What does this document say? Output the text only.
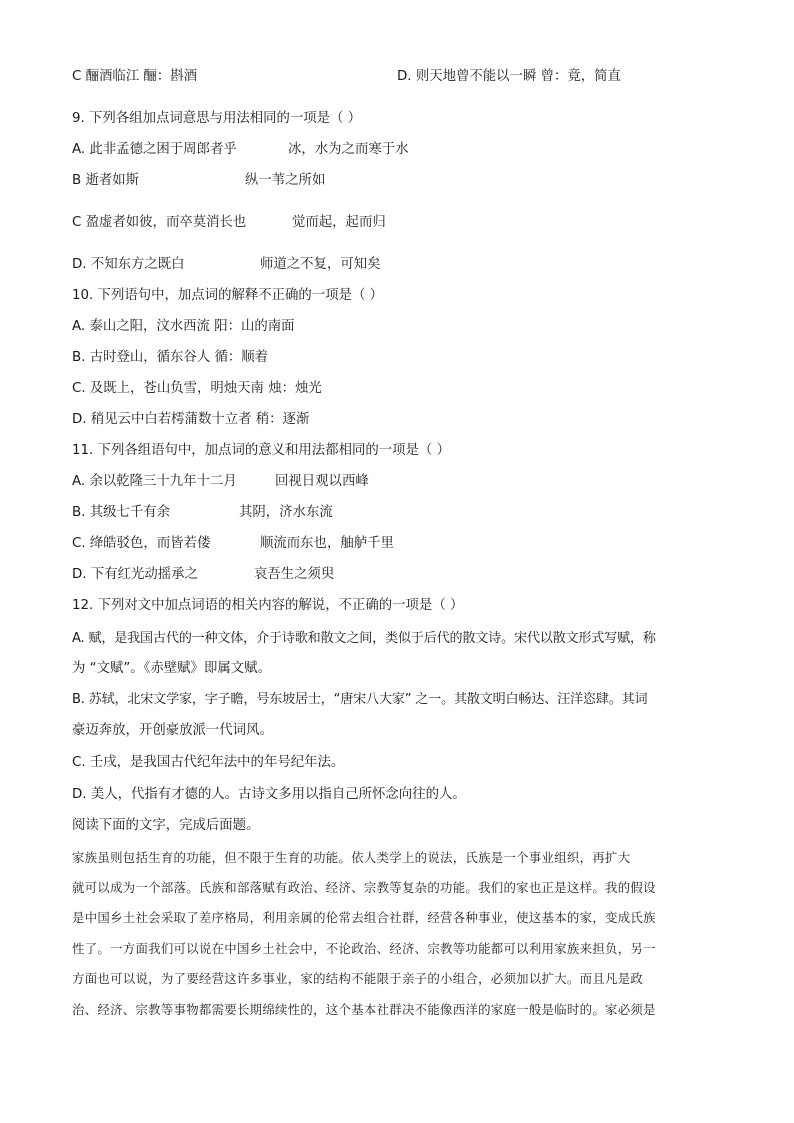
C 酾酒临江 酾：斟酒	D. 则天地曾不能以一瞬 曾：竟，简直
9. 下列各组加点词意思与用法相同的一项是（ ）
A. 此非孟德之困于周郎者乎	冰，水为之而寒于水
B 逝者如斯	纵一苇之所如
C 盈虚者如彼，而卒莫消长也	觉而起，起而归
D. 不知东方之既白	师道之不复，可知矣
10. 下列语句中，加点词的解释不正确的一项是（ ）
A. 泰山之阳，汶水西流 阳：山的南面
B. 古时登山，循东谷人 循：顺着
C. 及既上，苍山负雪，明烛天南 烛：烛光
D. 稍见云中白若樗蒲数十立者 稍：逐渐
11. 下列各组语句中，加点词的意义和用法都相同的一项是（ ）
A. 余以乾隆三十九年十二月	回视日观以西峰
B. 其级七千有余	其阴，济水东流
C. 绛皓驳色，而皆若偻	顺流而东也，舳舻千里
D. 下有红光动摇承之	哀吾生之须臾
12. 下列对文中加点词语的相关内容的解说，不正确的一项是（ ）
A. 赋，是我国古代的一种文体，介于诗歌和散文之间，类似于后代的散文诗。宋代以散文形式写赋，称
为 “文赋”。《赤壁赋》即属文赋。
B. 苏轼，北宋文学家，字子瞻，号东坡居士，“唐宋八大家” 之一。其散文明白畅达、汪洋恣肆。其词
豪迈奔放，开创豪放派一代词风。
C. 壬戌，是我国古代纪年法中的年号纪年法。
D. 美人，代指有才德的人。古诗文多用以指自己所怀念向往的人。
阅读下面的文字，完成后面题。
家族虽则包括生育的功能，但不限于生育的功能。依人类学上的说法，氏族是一个事业组织，再扩大
就可以成为一个部落。氏族和部落赋有政治、经济、宗教等复杂的功能。我们的家也正是这样。我的假设
是中国乡土社会采取了差序格局，利用亲属的伦常去组合社群，经营各种事业，使这基本的家，变成氏族
性了。一方面我们可以说在中国乡土社会中，不论政治、经济、宗教等功能都可以利用家族来担负，另一
方面也可以说，为了要经营这许多事业，家的结构不能限于亲子的小组合，必须加以扩大。而且凡是政
治、经济、宗教等事物都需要长期绵续性的，这个基本社群决不能像西洋的家庭一般是临时的。家必须是
